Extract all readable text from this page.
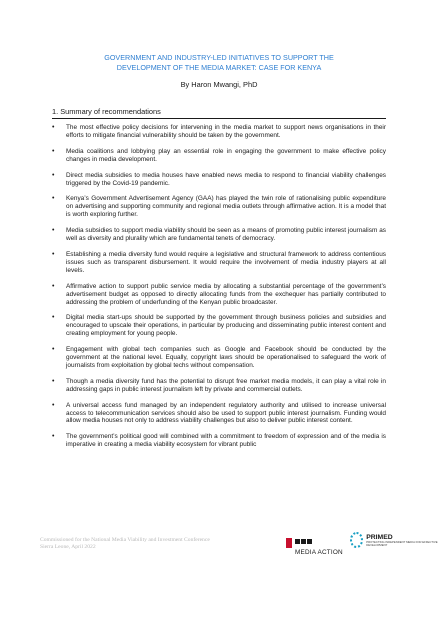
GOVERNMENT AND INDUSTRY-LED INITIATIVES TO SUPPORT THE
DEVELOPMENT OF THE MEDIA MARKET: CASE FOR KENYA
By Haron Mwangi, PhD
1. Summary of recommendations
• The most effective policy decisions for intervening in the media market to support news organisations in their efforts to mitigate financial vulnerability should be taken by the government.
• Media coalitions and lobbying play an essential role in engaging the government to make effective policy changes in media development.
• Direct media subsidies to media houses have enabled news media to respond to financial viability challenges triggered by the Covid-19 pandemic.
• Kenya’s Government Advertisement Agency (GAA) has played the twin role of rationalising public expenditure on advertising and supporting community and regional media outlets through affirmative action. It is a model that is worth exploring further.
• Media subsidies to support media viability should be seen as a means of promoting public interest journalism as well as diversity and plurality which are fundamental tenets of democracy.
• Establishing a media diversity fund would require a legislative and structural framework to address contentious issues such as transparent disbursement. It would require the involvement of media industry players at all levels.
• Affirmative action to support public service media by allocating a substantial percentage of the government’s advertisement budget as opposed to directly allocating funds from the exchequer has partially contributed to addressing the problem of underfunding of the Kenyan public broadcaster.
• Digital media start-ups should be supported by the government through business policies and subsidies and encouraged to upscale their operations, in particular by producing and disseminating public interest content and creating employment for young people.
• Engagement with global tech companies such as Google and Facebook should be conducted by the government at the national level. Equally, copyright laws should be operationalised to safeguard the work of journalists from exploitation by global techs without compensation.
• Though a media diversity fund has the potential to disrupt free market media models, it can play a vital role in addressing gaps in public interest journalism left by private and commercial outlets.
• A universal access fund managed by an independent regulatory authority and utilised to increase universal access to telecommunication services should also be used to support public interest journalism. Funding would allow media houses not only to address viability challenges but also to deliver public interest content.
• The government’s political good will combined with a commitment to freedom of expression and of the media is imperative in creating a media viability ecosystem for vibrant public
Commissioned for the National Media Viability and Investment Conference
Sierra Leone, April 2022
MEDIA ACTION
PRIMED
PROTECTING INDEPENDENT MEDIA FOR EFFECTIVE DEVELOPMENT
